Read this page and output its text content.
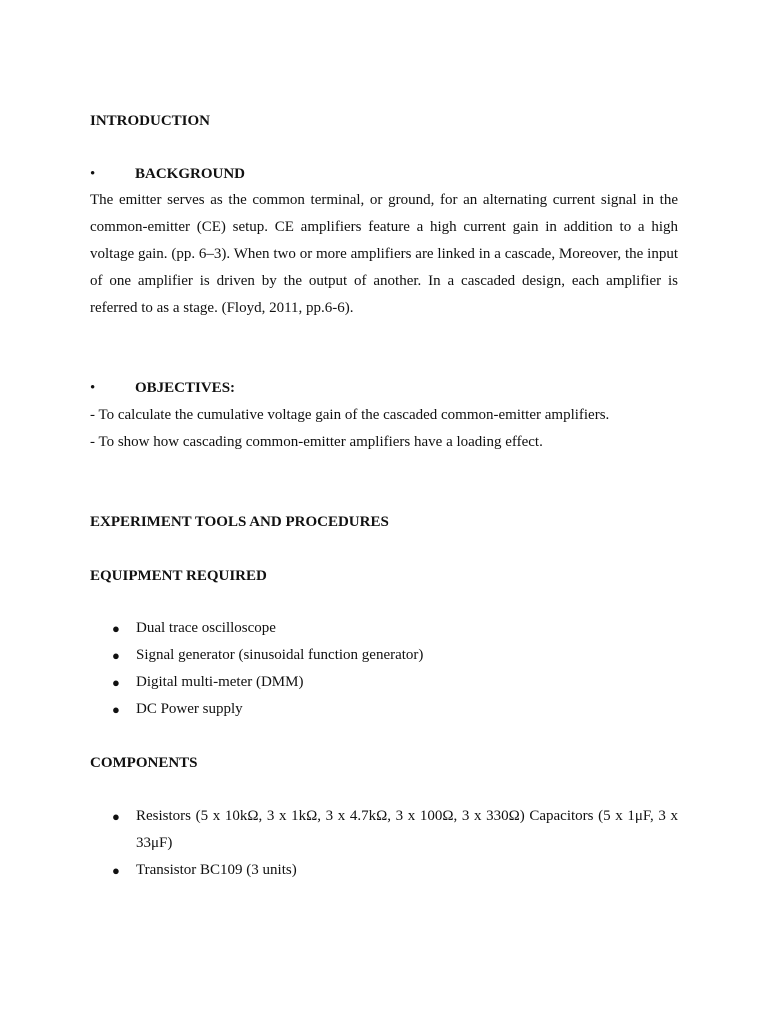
INTRODUCTION
•	BACKGROUND
The emitter serves as the common terminal, or ground, for an alternating current signal in the common-emitter (CE) setup. CE amplifiers feature a high current gain in addition to a high voltage gain. (pp. 6–3). When two or more amplifiers are linked in a cascade, Moreover, the input of one amplifier is driven by the output of another. In a cascaded design, each amplifier is referred to as a stage. (Floyd, 2011, pp.6-6).
•	OBJECTIVES:
- To calculate the cumulative voltage gain of the cascaded common-emitter amplifiers.
- To show how cascading common-emitter amplifiers have a loading effect.
EXPERIMENT TOOLS AND PROCEDURES
EQUIPMENT REQUIRED
● Dual trace oscilloscope
● Signal generator (sinusoidal function generator)
● Digital multi-meter (DMM)
● DC Power supply
COMPONENTS
● Resistors (5 x 10kΩ, 3 x 1kΩ, 3 x 4.7kΩ, 3 x 100Ω, 3 x 330Ω) Capacitors (5 x 1μF, 3 x 33μF)
● Transistor BC109 (3 units)
